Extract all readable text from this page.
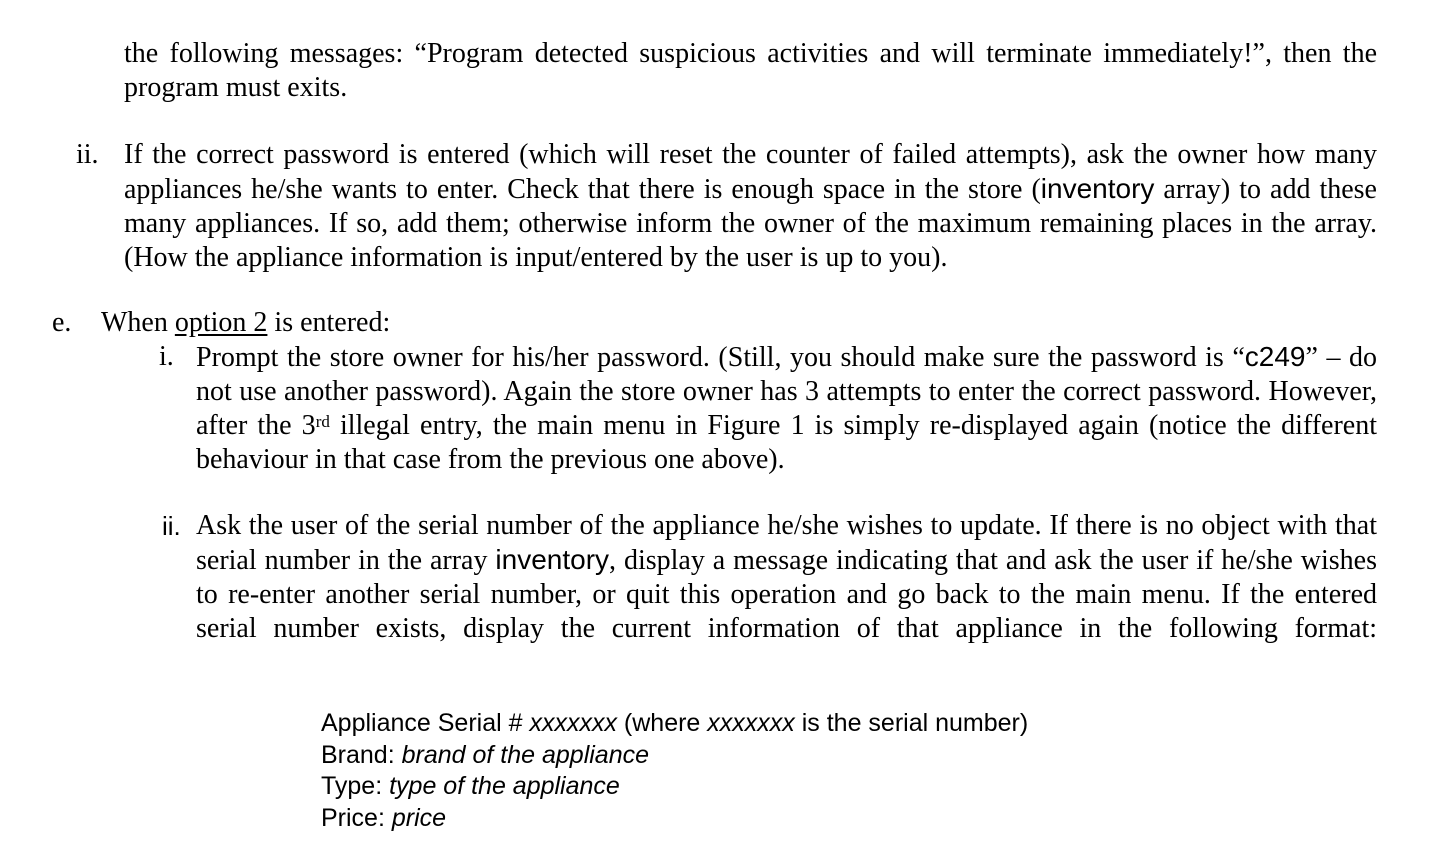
the following messages: “Program detected suspicious activities and will terminate immediately!”, then the program must exits.
ii. If the correct password is entered (which will reset the counter of failed attempts), ask the owner how many appliances he/she wants to enter. Check that there is enough space in the store (inventory array) to add these many appliances. If so, add them; otherwise inform the owner of the maximum remaining places in the array. (How the appliance information is input/entered by the user is up to you).
e. When option 2 is entered:
i. Prompt the store owner for his/her password. (Still, you should make sure the password is “c249” – do not use another password). Again the store owner has 3 attempts to enter the correct password. However, after the 3rd illegal entry, the main menu in Figure 1 is simply re-displayed again (notice the different behaviour in that case from the previous one above).
ii. Ask the user of the serial number of the appliance he/she wishes to update. If there is no object with that serial number in the array inventory, display a message indicating that and ask the user if he/she wishes to re-enter another serial number, or quit this operation and go back to the main menu. If the entered serial number exists, display the current information of that appliance in the following format:
Appliance Serial # xxxxxxx (where xxxxxxx is the serial number)
Brand: brand of the appliance
Type: type of the appliance
Price: price
